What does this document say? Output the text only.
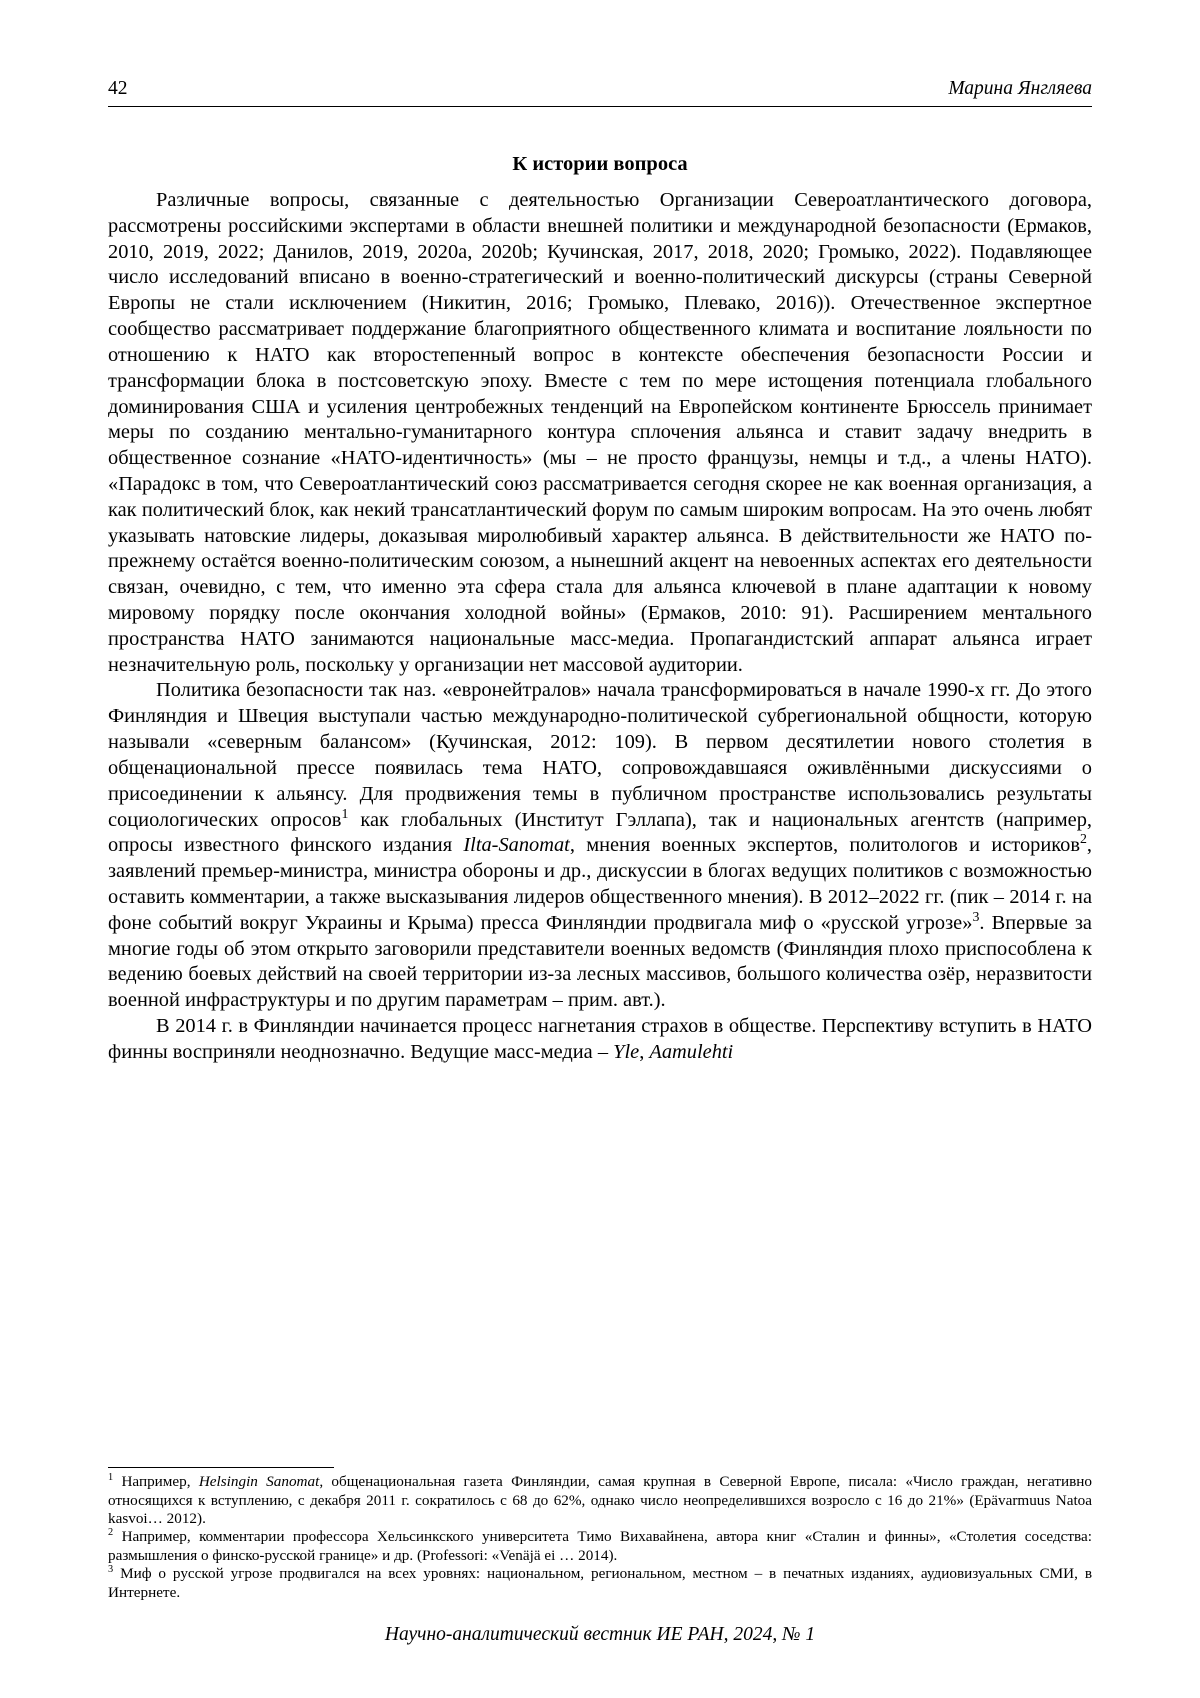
42	Марина Янгляева
К истории вопроса

Различные вопросы, связанные с деятельностью Организации Североатлантического договора, рассмотрены российскими экспертами в области внешней политики и международной безопасности (Ермаков, 2010, 2019, 2022; Данилов, 2019, 2020a, 2020b; Кучинская, 2017, 2018, 2020; Громыко, 2022). Подавляющее число исследований вписано в военно-стратегический и военно-политический дискурсы (страны Северной Европы не стали исключением (Никитин, 2016; Громыко, Плевако, 2016)). Отечественное экспертное сообщество рассматривает поддержание благоприятного общественного климата и воспитание лояльности по отношению к НАТО как второстепенный вопрос в контексте обеспечения безопасности России и трансформации блока в постсоветскую эпоху. Вместе с тем по мере истощения потенциала глобального доминирования США и усиления центробежных тенденций на Европейском континенте Брюссель принимает меры по созданию ментально-гуманитарного контура сплочения альянса и ставит задачу внедрить в общественное сознание «НАТО-идентичность» (мы – не просто французы, немцы и т.д., а члены НАТО). «Парадокс в том, что Североатлантический союз рассматривается сегодня скорее не как военная организация, а как политический блок, как некий трансатлантический форум по самым широким вопросам. На это очень любят указывать натовские лидеры, доказывая миролюбивый характер альянса. В действительности же НАТО по-прежнему остаётся военно-политическим союзом, а нынешний акцент на невоенных аспектах его деятельности связан, очевидно, с тем, что именно эта сфера стала для альянса ключевой в плане адаптации к новому мировому порядку после окончания холодной войны» (Ермаков, 2010: 91). Расширением ментального пространства НАТО занимаются национальные масс-медиа. Пропагандистский аппарат альянса играет незначительную роль, поскольку у организации нет массовой аудитории.

Политика безопасности так наз. «евронейтралов» начала трансформироваться в начале 1990-х гг. До этого Финляндия и Швеция выступали частью международно-политической субрегиональной общности, которую называли «северным балансом» (Кучинская, 2012: 109). В первом десятилетии нового столетия в общенациональной прессе появилась тема НАТО, сопровождавшаяся оживлёнными дискуссиями о присоединении к альянсу. Для продвижения темы в публичном пространстве использовались результаты социологических опросов$^1$ как глобальных (Институт Гэллапа), так и национальных агентств (например, опросы известного финского издания Ilta-Sanomat, мнения военных экспертов, политологов и историков$^2$, заявлений премьер-министра, министра обороны и др., дискуссии в блогах ведущих политиков с возможностью оставить комментарии, а также высказывания лидеров общественного мнения). В 2012–2022 гг. (пик – 2014 г. на фоне событий вокруг Украины и Крыма) пресса Финляндии продвигала миф о «русской угрозе»$^3$. Впервые за многие годы об этом открыто заговорили представители военных ведомств (Финляндия плохо приспособлена к ведению боевых действий на своей территории из-за лесных массивов, большого количества озёр, неразвитости военной инфраструктуры и по другим параметрам – прим. авт.).

В 2014 г. в Финляндии начинается процесс нагнетания страхов в обществе. Перспективу вступить в НАТО финны восприняли неоднозначно. Ведущие масс-медиа – Yle, Aamulehti

$^1$ Например, Helsingin Sanomat, общенациональная газета Финляндии, самая крупная в Северной Европе, писала: «Число граждан, негативно относящихся к вступлению, с декабря 2011 г. сократилось с 68 до 62%, однако число неопределившихся возросло с 16 до 21%» (Epävarmuus Natoa kasvoi… 2012).

$^2$ Например, комментарии профессора Хельсинкского университета Тимо Вихавайнена, автора книг «Сталин и финны», «Столетия соседства: размышления о финско-русской границе» и др. (Professori: «Venäjä ei … 2014).

$^3$ Миф о русской угрозе продвигался на всех уровнях: национальном, региональном, местном – в печатных изданиях, аудиовизуальных СМИ, в Интернете.

Научно-аналитический вестник ИЕ РАН, 2024, № 1
